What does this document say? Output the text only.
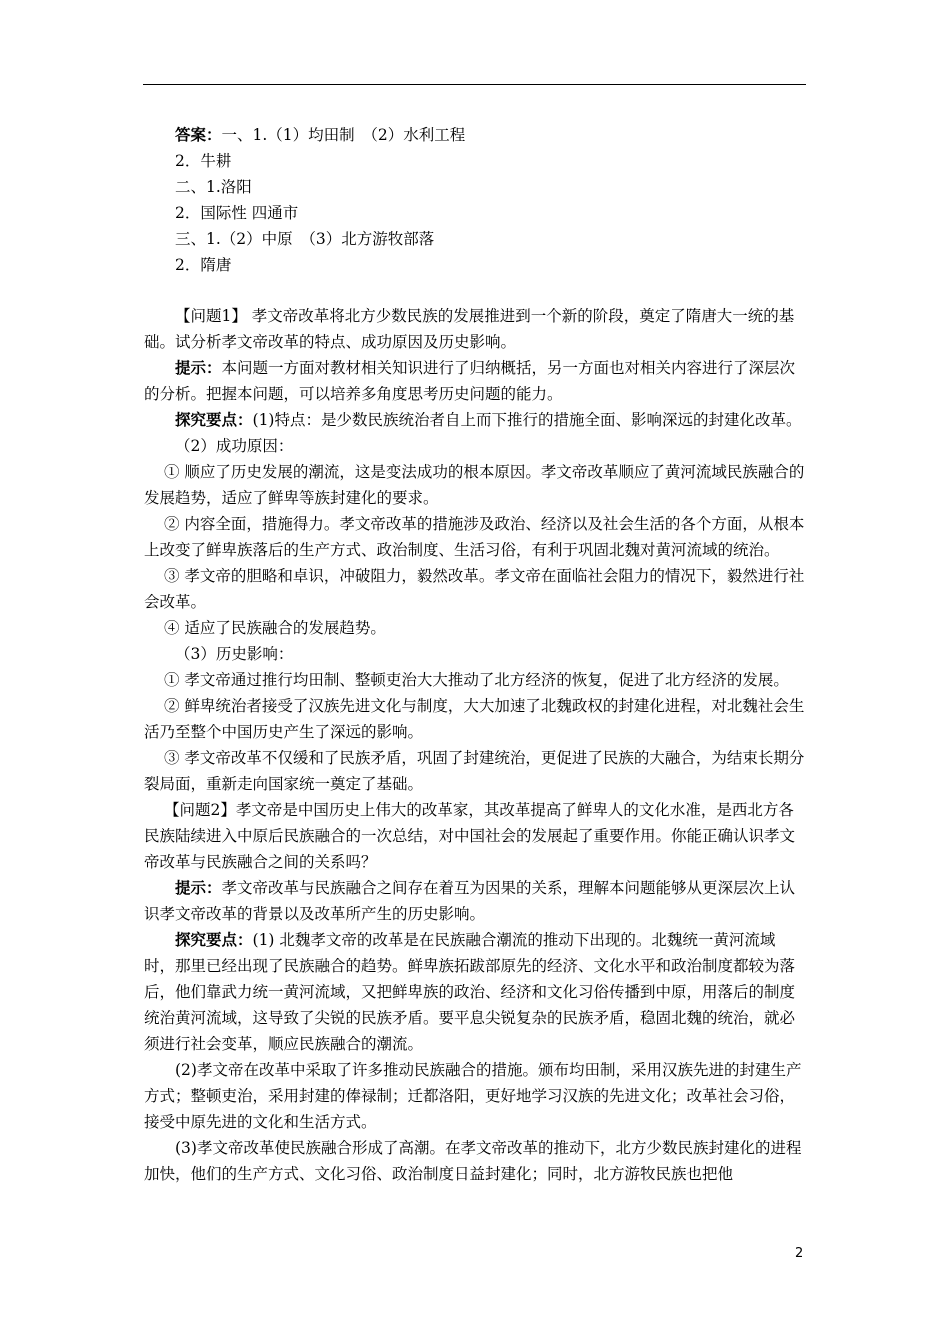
答案：一、1.（1）均田制　（2）水利工程

2．牛耕

二、1.洛阳

2．国际性 四通市

三、1.（2）中原　（3）北方游牧部落

2．隋唐

【问题1】 孝文帝改革将北方少数民族的发展推进到一个新的阶段，奠定了隋唐大一统的基础。试分析孝文帝改革的特点、成功原因及历史影响。

提示：本问题一方面对教材相关知识进行了归纳概括，另一方面也对相关内容进行了深层次的分析。把握本问题，可以培养多角度思考历史问题的能力。

探究要点：(1)特点：是少数民族统治者自上而下推行的措施全面、影响深远的封建化改革。

（2）成功原因：

① 顺应了历史发展的潮流，这是变法成功的根本原因。孝文帝改革顺应了黄河流域民族融合的发展趋势，适应了鲜卑等族封建化的要求。

② 内容全面，措施得力。孝文帝改革的措施涉及政治、经济以及社会生活的各个方面，从根本上改变了鲜卑族落后的生产方式、政治制度、生活习俗，有利于巩固北魏对黄河流域的统治。

③ 孝文帝的胆略和卓识，冲破阻力，毅然改革。孝文帝在面临社会阻力的情况下，毅然进行社会改革。

④ 适应了民族融合的发展趋势。

（3）历史影响：

① 孝文帝通过推行均田制、整顿吏治大大推动了北方经济的恢复，促进了北方经济的发展。

② 鲜卑统治者接受了汉族先进文化与制度，大大加速了北魏政权的封建化进程，对北魏社会生活乃至整个中国历史产生了深远的影响。

③ 孝文帝改革不仅缓和了民族矛盾，巩固了封建统治，更促进了民族的大融合，为结束长期分裂局面，重新走向国家统一奠定了基础。

【问题2】孝文帝是中国历史上伟大的改革家，其改革提高了鲜卑人的文化水准，是西北方各民族陆续进入中原后民族融合的一次总结，对中国社会的发展起了重要作用。你能正确认识孝文帝改革与民族融合之间的关系吗？

提示：孝文帝改革与民族融合之间存在着互为因果的关系，理解本问题能够从更深层次上认识孝文帝改革的背景以及改革所产生的历史影响。

探究要点：(1) 北魏孝文帝的改革是在民族融合潮流的推动下出现的。北魏统一黄河流域时，那里已经出现了民族融合的趋势。鲜卑族拓跋部原先的经济、文化水平和政治制度都较为落后，他们靠武力统一黄河流域，又把鲜卑族的政治、经济和文化习俗传播到中原，用落后的制度统治黄河流域，这导致了尖锐的民族矛盾。要平息尖锐复杂的民族矛盾，稳固北魏的统治，就必须进行社会变革，顺应民族融合的潮流。

(2)孝文帝在改革中采取了许多推动民族融合的措施。颁布均田制，采用汉族先进的封建生产方式；整顿吏治，采用封建的俸禄制；迁都洛阳，更好地学习汉族的先进文化；改革社会习俗，接受中原先进的文化和生活方式。

(3)孝文帝改革使民族融合形成了高潮。在孝文帝改革的推动下，北方少数民族封建化的进程加快，他们的生产方式、文化习俗、政治制度日益封建化；同时，北方游牧民族也把他

2
